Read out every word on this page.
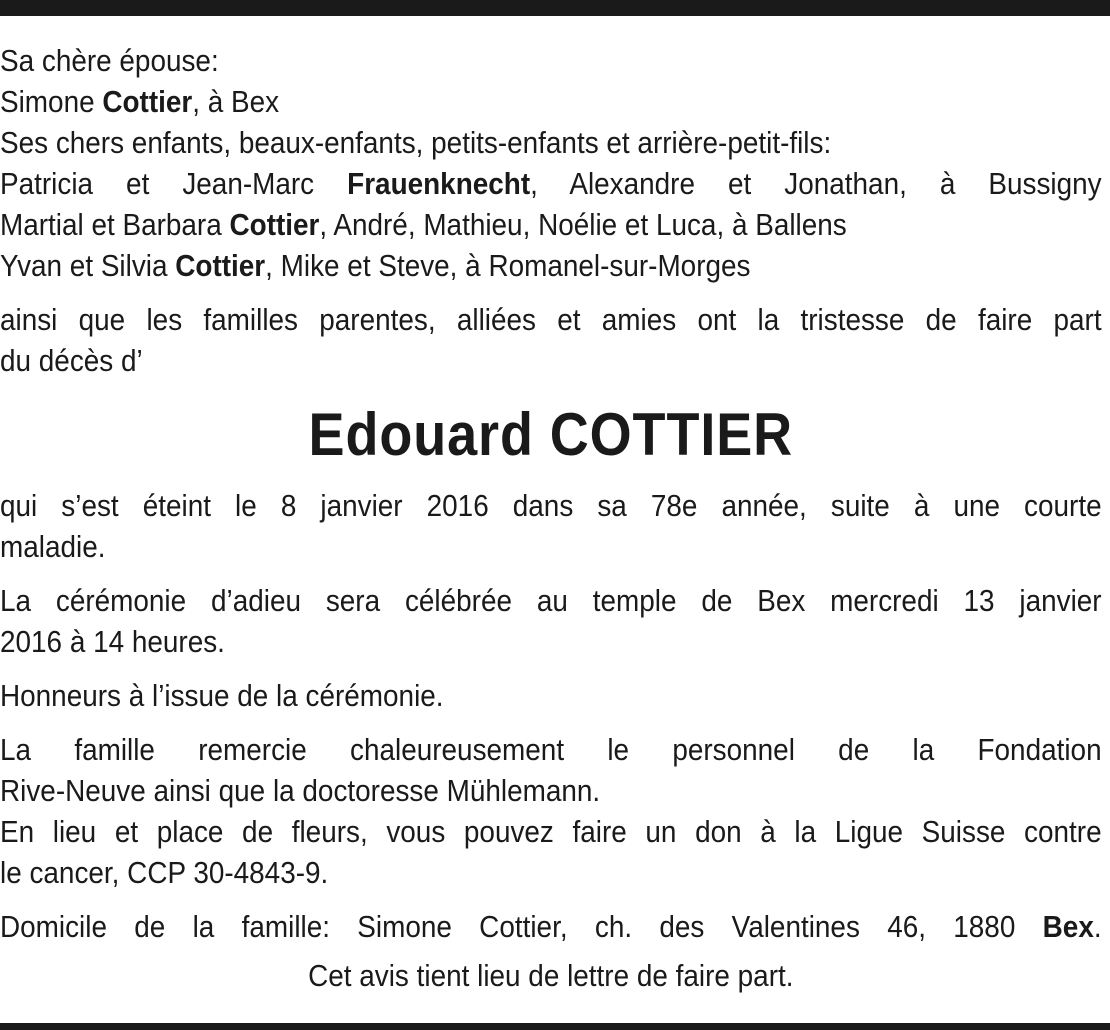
Sa chère épouse:
Simone Cottier, à Bex
Ses chers enfants, beaux-enfants, petits-enfants et arrière-petit-fils:
Patricia et Jean-Marc Frauenknecht, Alexandre et Jonathan, à Bussigny
Martial et Barbara Cottier, André, Mathieu, Noélie et Luca, à Ballens
Yvan et Silvia Cottier, Mike et Steve, à Romanel-sur-Morges
ainsi que les familles parentes, alliées et amies ont la tristesse de faire part
du décès d’
Edouard COTTIER
qui s’est éteint le 8 janvier 2016 dans sa 78e année, suite à une courte
maladie.
La cérémonie d’adieu sera célébrée au temple de Bex mercredi 13 janvier
2016 à 14 heures.
Honneurs à l’issue de la cérémonie.
La famille remercie chaleureusement le personnel de la Fondation
Rive-Neuve ainsi que la doctoresse Mühlemann.
En lieu et place de fleurs, vous pouvez faire un don à la Ligue Suisse contre
le cancer, CCP 30-4843-9.
Domicile de la famille: Simone Cottier, ch. des Valentines 46, 1880 Bex.
Cet avis tient lieu de lettre de faire part.
